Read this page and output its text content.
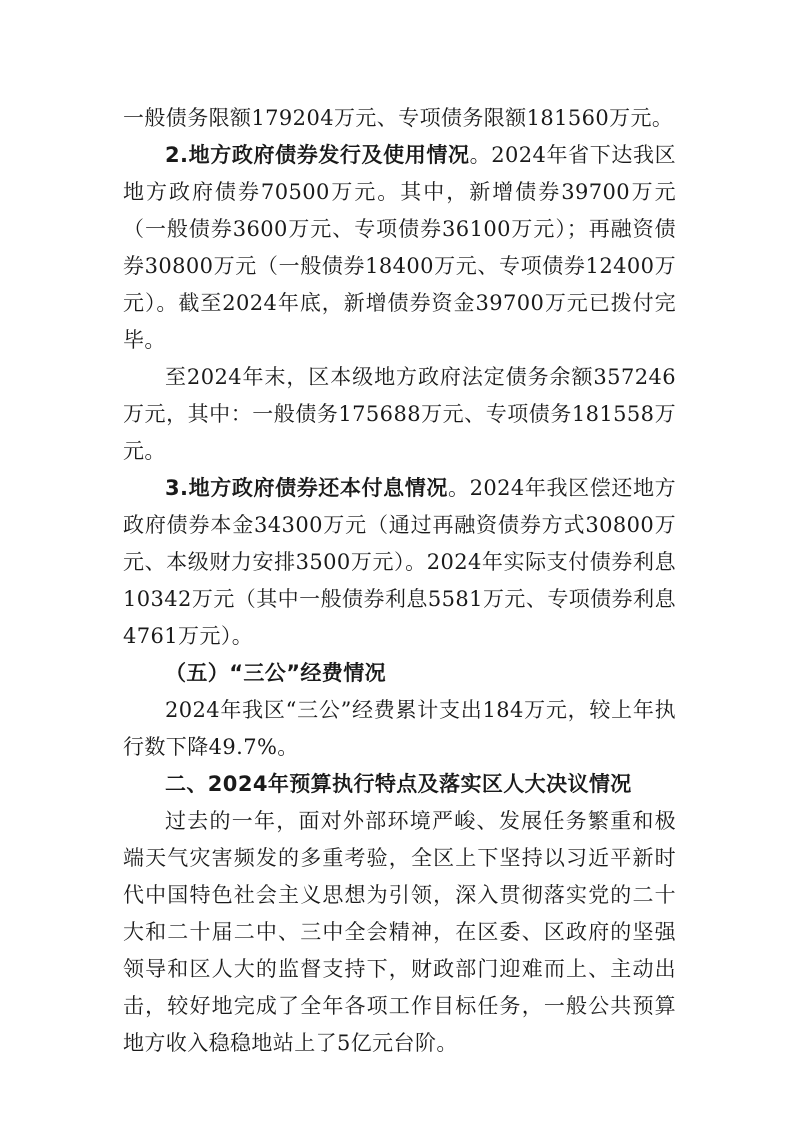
一般债务限额179204万元、专项债务限额181560万元。

2.地方政府债券发行及使用情况。2024年省下达我区地方政府债券70500万元。其中，新增债券39700万元（一般债券3600万元、专项债券36100万元）；再融资债券30800万元（一般债券18400万元、专项债券12400万元）。截至2024年底，新增债券资金39700万元已拨付完毕。

至2024年末，区本级地方政府法定债务余额357246万元，其中：一般债务175688万元、专项债务181558万元。

3.地方政府债券还本付息情况。2024年我区偿还地方政府债券本金34300万元（通过再融资债券方式30800万元、本级财力安排3500万元）。2024年实际支付债券利息10342万元（其中一般债券利息5581万元、专项债券利息4761万元）。

（五）“三公”经费情况

2024年我区“三公”经费累计支出184万元，较上年执行数下降49.7%。

二、2024年预算执行特点及落实区人大决议情况

过去的一年，面对外部环境严峻、发展任务繁重和极端天气灾害频发的多重考验，全区上下坚持以习近平新时代中国特色社会主义思想为引领，深入贯彻落实党的二十大和二十届二中、三中全会精神，在区委、区政府的坚强领导和区人大的监督支持下，财政部门迎难而上、主动出击，较好地完成了全年各项工作目标任务，一般公共预算地方收入稳稳地站上了5亿元台阶。
